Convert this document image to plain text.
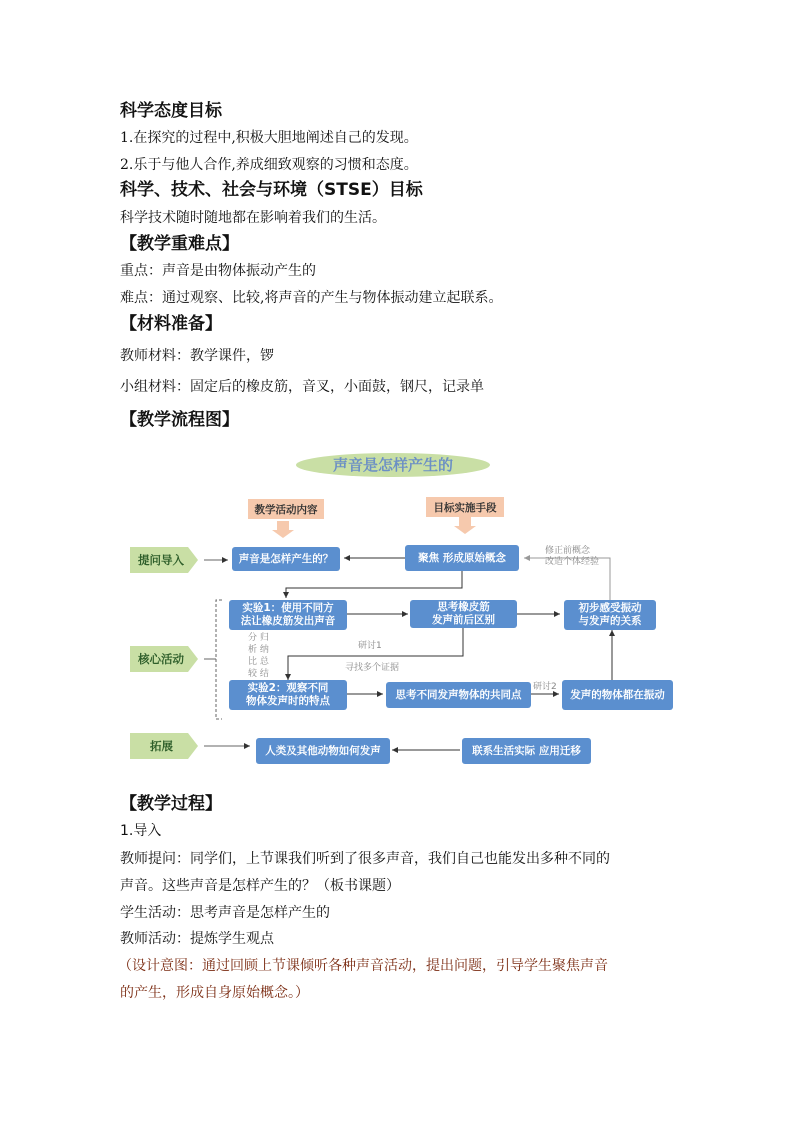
科学态度目标
1.在探究的过程中,积极大胆地阐述自己的发现。
2.乐于与他人合作,养成细致观察的习惯和态度。
科学、技术、社会与环境（STSE）目标
科学技术随时随地都在影响着我们的生活。
【教学重难点】
重点：声音是由物体振动产生的
难点：通过观察、比较,将声音的产生与物体振动建立起联系。
【材料准备】
教师材料：教学课件，锣
小组材料：固定后的橡皮筋，音叉，小面鼓，钢尺，记录单
【教学流程图】
声音是怎样产生的
教学活动内容	目标实施手段
提问导入
核心活动
拓展
声音是怎样产生的？	聚焦 形成原始概念
实验1：使用不同方
法让橡皮筋发出声音
思考橡皮筋
发声前后区别
初步感受振动
与发声的关系
实验2：观察不同
物体发声时的特点
思考不同发声物体的共同点	发声的物体都在振动
人类及其他动物如何发声	联系生活实际 应用迁移
修正前概念
改造个体经验
研讨1
寻找多个证据
研讨2
分 归
析 纳
比 总
较 结
【教学过程】
1.导入
教师提问：同学们，上节课我们听到了很多声音，我们自己也能发出多种不同的
声音。这些声音是怎样产生的？（板书课题）
学生活动：思考声音是怎样产生的
教师活动：提炼学生观点
（设计意图：通过回顾上节课倾听各种声音活动，提出问题，引导学生聚焦声音
的产生，形成自身原始概念。）
